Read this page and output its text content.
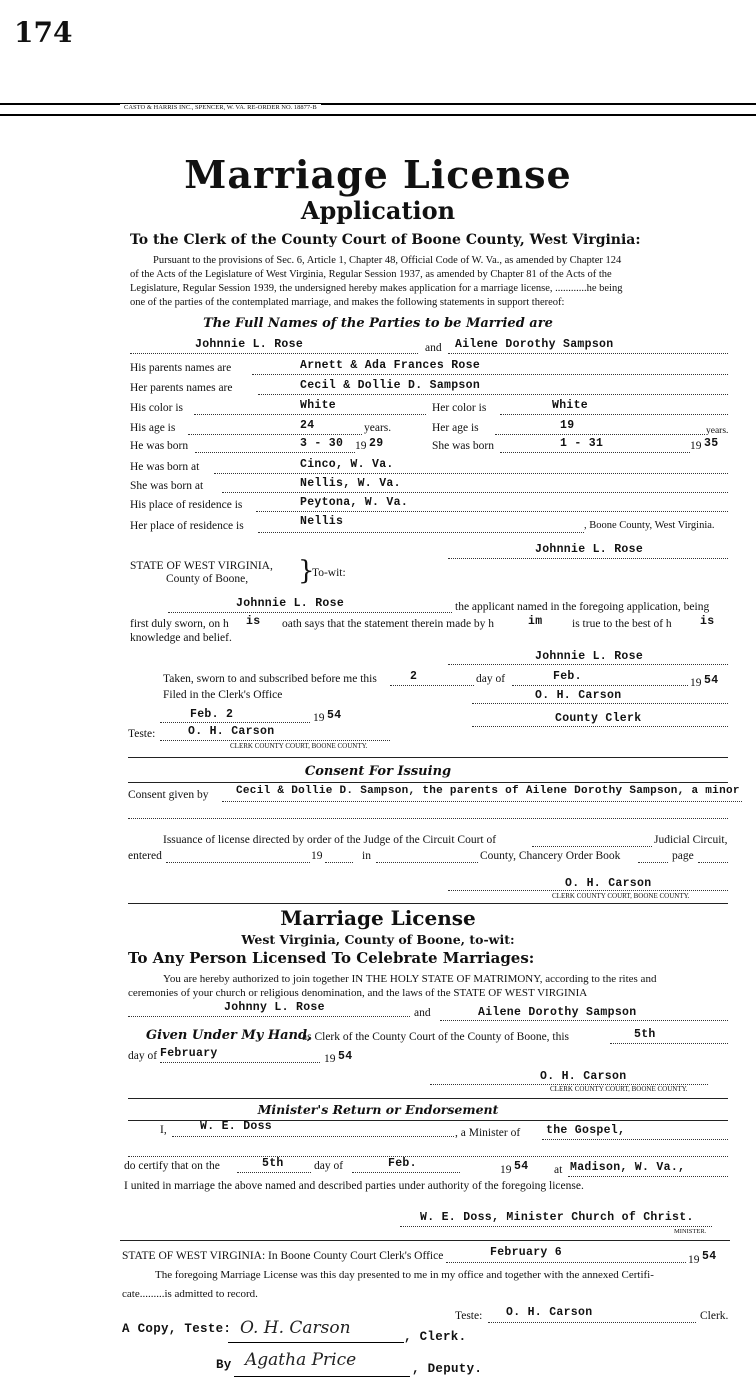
174
CASTO & HARRIS INC., SPENCER, W. VA. RE-ORDER NO. 18877-B
Marriage License
Application
To the Clerk of the County Court of Boone County, West Virginia:
Pursuant to the provisions of Sec. 6, Article 1, Chapter 48, Official Code of W. Va., as amended by Chapter 124
of the Acts of the Legislature of West Virginia, Regular Session 1937, as amended by Chapter 81 of the Acts of the
Legislature, Regular Session 1939, the undersigned hereby makes application for a marriage license, ............he being
one of the parties of the contemplated marriage, and makes the following statements in support thereof:
The Full Names of the Parties to be Married are
Johnnie L. Rose	and Ailene Dorothy Sampson
His parents names are	Arnett & Ada Frances Rose
Her parents names are	Cecil & Dollie D. Sampson
His color is	White	Her color is	White
His age is	24	years.	Her age is	19	years.
He was born	3 - 30 19 29	She was born	1 - 31	19 35
He was born at	Cinco, W. Va.
She was born at	Nellis, W. Va.
His place of residence is	Peytona, W. Va.
Her place of residence is	Nellis	, Boone County, West Virginia.
Johnnie L. Rose
STATE OF WEST VIRGINIA,
County of Boone, }
To-wit:
Johnnie L. Rose	the applicant named in the foregoing application, being
first duly sworn, on h is oath says that the statement therein made by h	im	is true to the best of h is
knowledge and belief.
Johnnie L. Rose
Taken, sworn to and subscribed before me this	2	day of	Feb.	19 54
Filed in the Clerk's Office	O. H. Carson
Feb. 2	19 54	County Clerk
Teste:	O. H. Carson
CLERK COUNTY COURT, BOONE COUNTY.
Consent For Issuing
Consent given by	Cecil & Dollie D. Sampson, the parents of Ailene Dorothy Sampson, a minor
Issuance of license directed by order of the Judge of the Circuit Court of	Judicial Circuit,
entered	19	in	County, Chancery Order Book	page
O. H. Carson
CLERK COUNTY COURT, BOONE COUNTY.
Marriage License
West Virginia, County of Boone, to-wit:
To Any Person Licensed To Celebrate Marriages:
You are hereby authorized to join together IN THE HOLY STATE OF MATRIMONY, according to the rites and
ceremonies of your church or religious denomination, and the laws of the STATE OF WEST VIRGINIA
Johnny L. Rose	and	Ailene Dorothy Sampson
Given Under My Hand,
as Clerk of the County Court of the County of Boone, this	5th
day of February	19 54
O. H. Carson
CLERK COUNTY COURT, BOONE COUNTY.
Minister's Return or Endorsement
I,	W. E. Doss	, a Minister of the Gospel,
do certify that on the	5th	day of	Feb.	19 54 at Madison, W. Va.,
I united in marriage the above named and described parties under authority of the foregoing license.
W. E. Doss, Minister Church of Christ.
MINISTER.
STATE OF WEST VIRGINIA: In Boone County Court Clerk's Office	February 6
19 54
The foregoing Marriage License was this day presented to me in my office and together with the annexed Certifi-
cate.........is admitted to record.
Teste: O. H. Carson	Clerk.
A Copy, Teste: O. H. Carson	, Clerk.
By Agatha Price	, Deputy.
